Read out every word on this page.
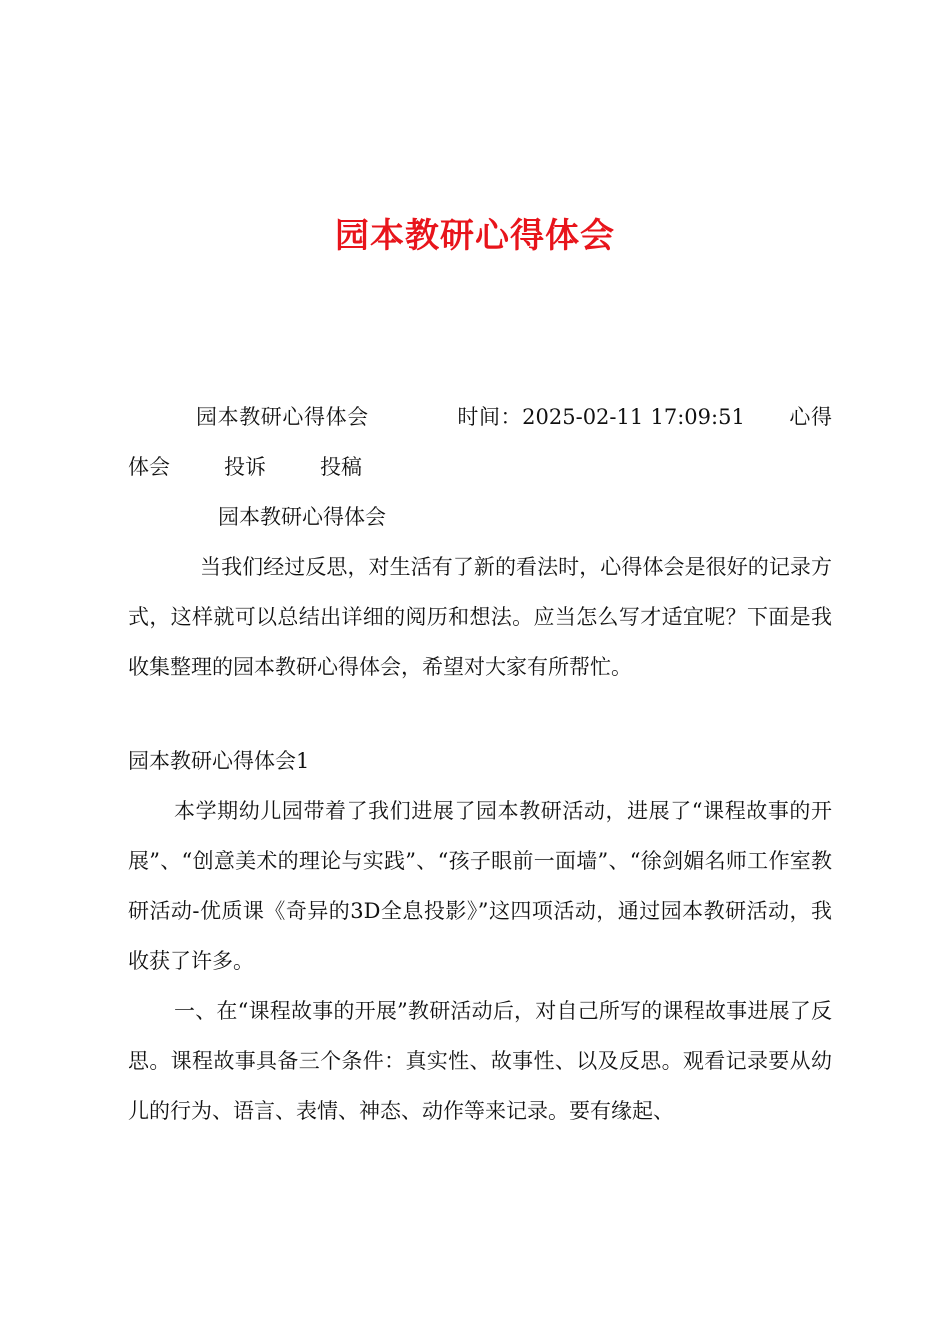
园本教研心得体会

园本教研心得体会	时间：2025-02-11 17:09:51 心得体会	投诉	投稿

园本教研心得体会

当我们经过反思，对生活有了新的看法时，心得体会是很好的记录方式，这样就可以总结出详细的阅历和想法。应当怎么写才适宜呢？下面是我收集整理的园本教研心得体会，希望对大家有所帮忙。

园本教研心得体会1

本学期幼儿园带着了我们进展了园本教研活动，进展了“课程故事的开展”、“创意美术的理论与实践”、“孩子眼前一面墙”、“徐剑媚名师工作室教研活动-优质课《奇异的3D全息投影》”这四项活动，通过园本教研活动，我收获了许多。

一、在“课程故事的开展”教研活动后，对自己所写的课程故事进展了反思。课程故事具备三个条件：真实性、故事性、以及反思。观看记录要从幼儿的行为、语言、表情、神态、动作等来记录。要有缘起、
